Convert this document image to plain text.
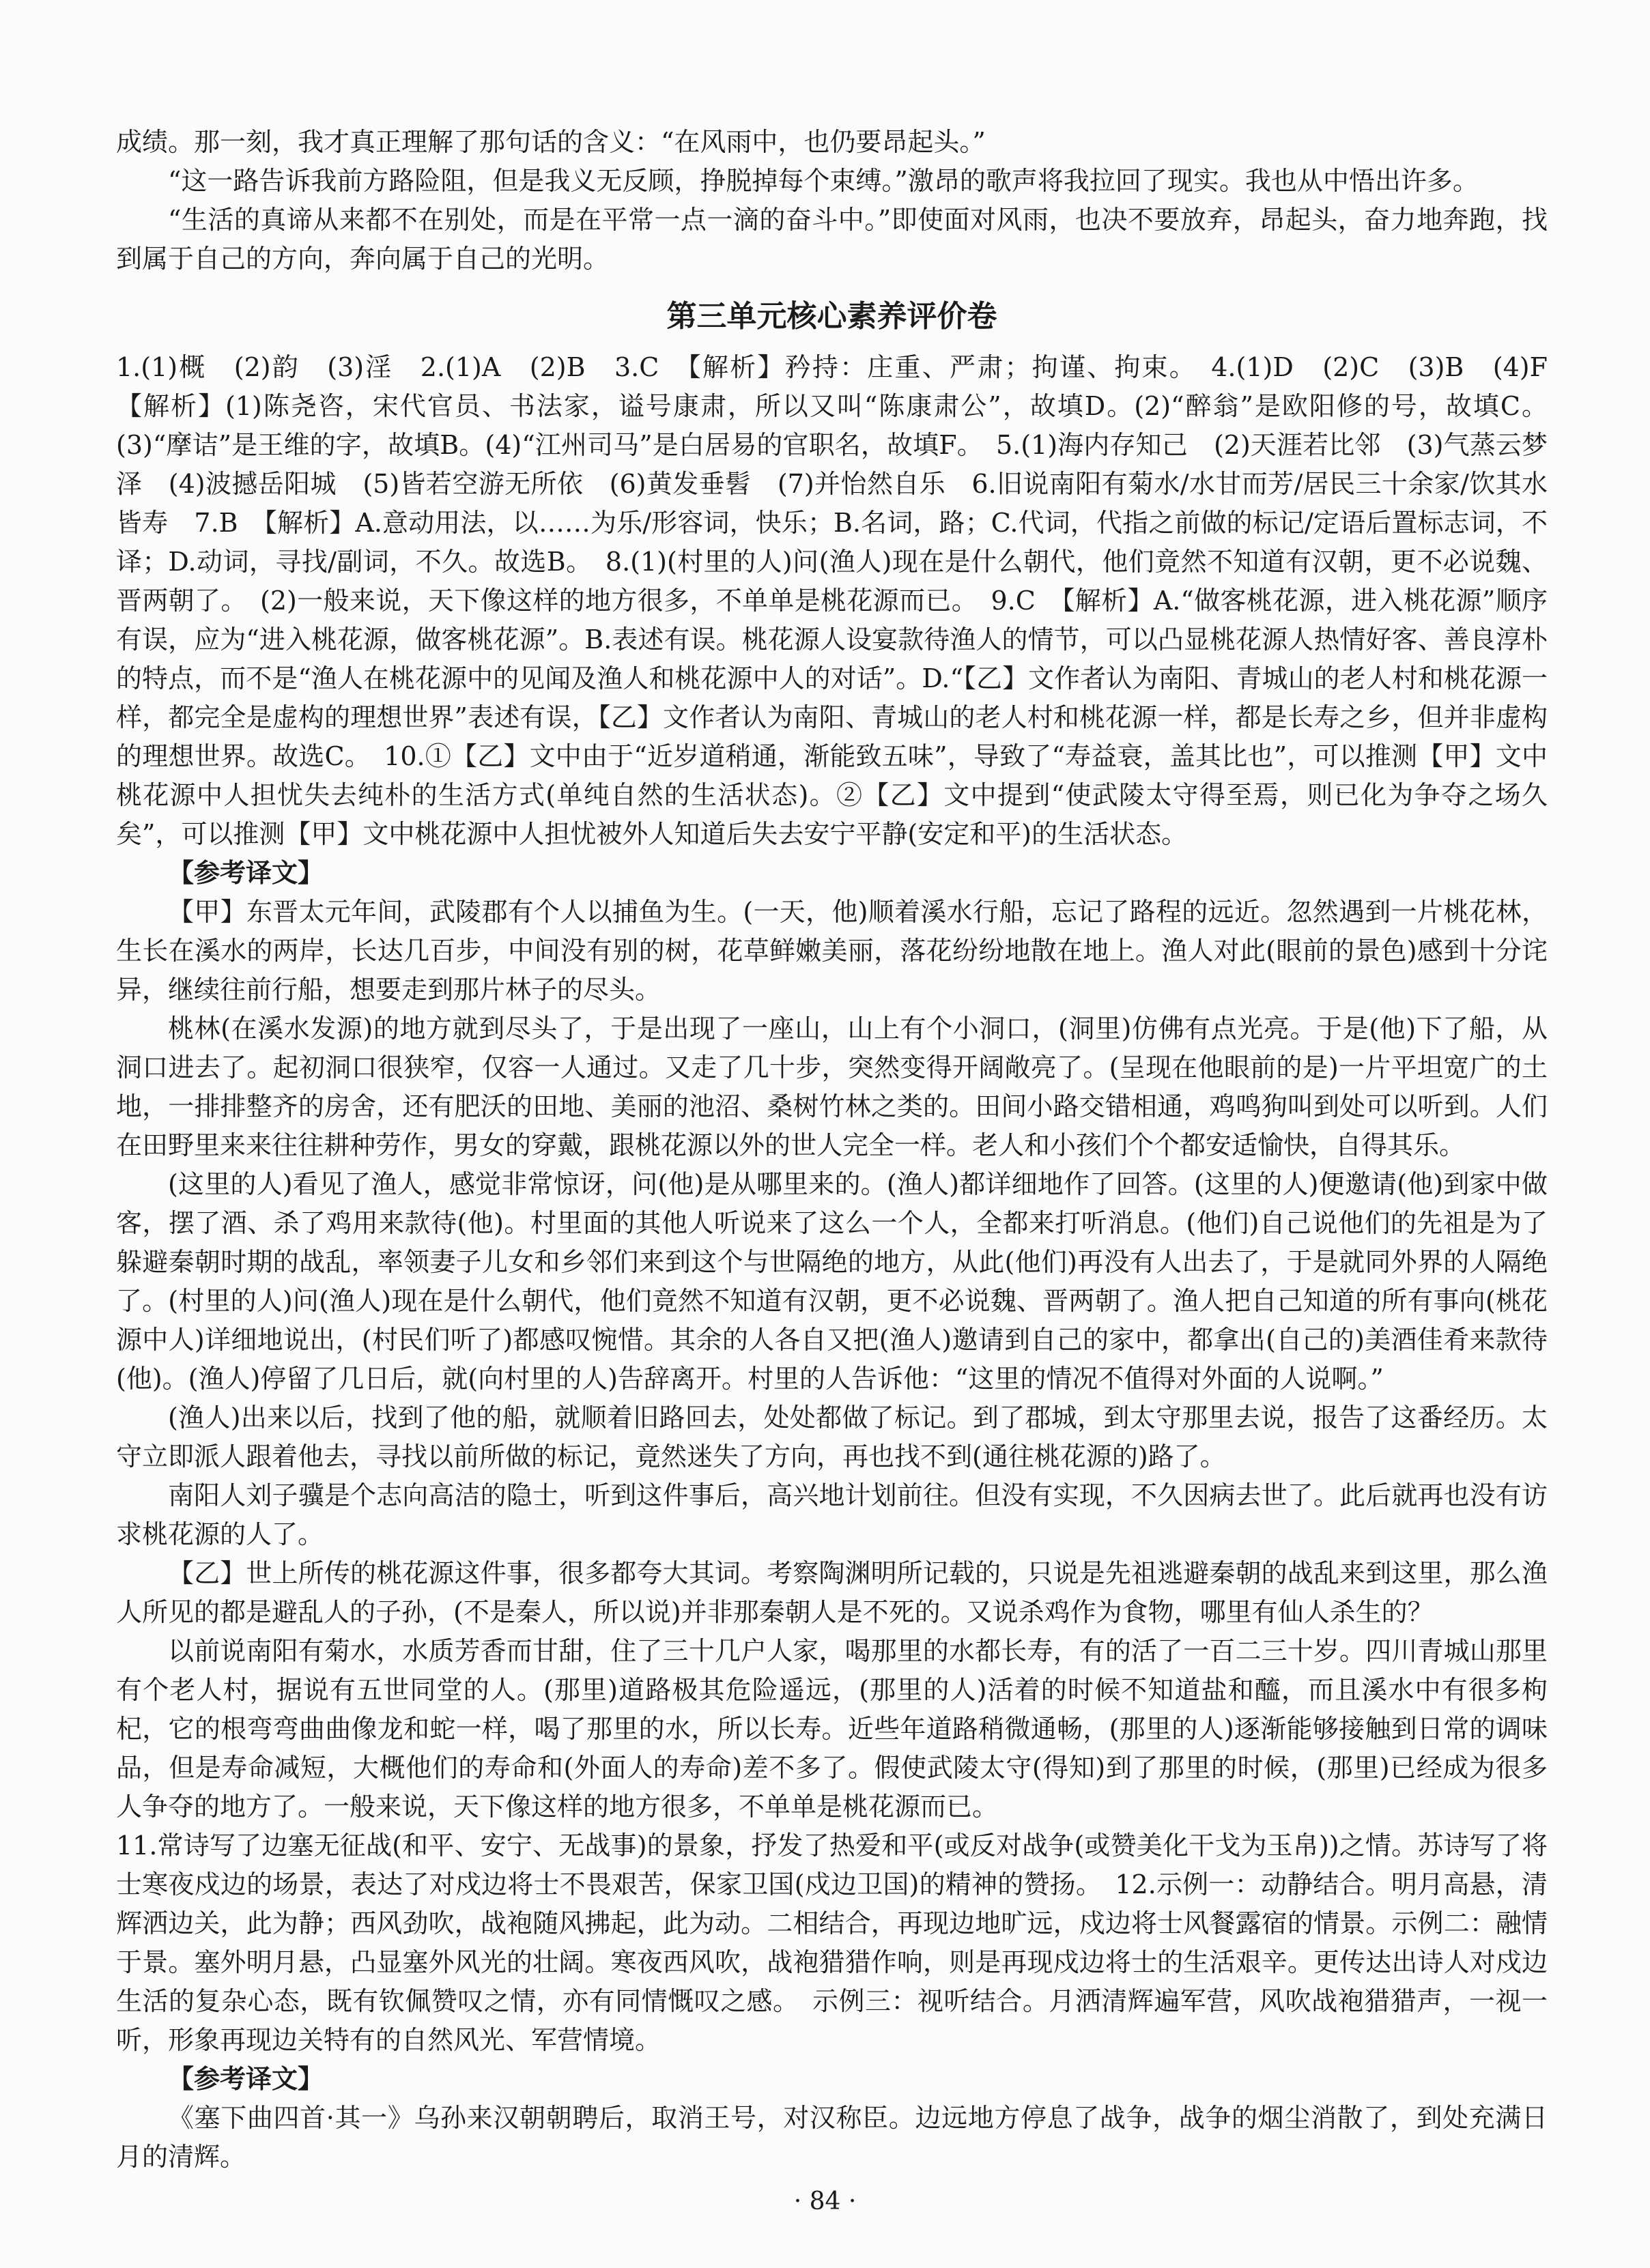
成绩。那一刻，我才真正理解了那句话的含义：“在风雨中，也仍要昂起头。”

“这一路告诉我前方路险阻，但是我义无反顾，挣脱掉每个束缚。”激昂的歌声将我拉回了现实。我也从中悟出许多。

“生活的真谛从来都不在别处，而是在平常一点一滴的奋斗中。”即使面对风雨，也决不要放弃，昂起头，奋力地奔跑，找到属于自己的方向，奔向属于自己的光明。

第三单元核心素养评价卷

1.(1)概　(2)韵　(3)淫　2.(1)A　(2)B　3.C　【解析】矜持：庄重、严肃；拘谨、拘束。　4.(1)D　(2)C　(3)B　(4)F　【解析】(1)陈尧咨，宋代官员、书法家，谥号康肃，所以又叫“陈康肃公”，故填D。(2)“醉翁”是欧阳修的号，故填C。(3)“摩诘”是王维的字，故填B。(4)“江州司马”是白居易的官职名，故填F。　5.(1)海内存知己　(2)天涯若比邻　(3)气蒸云梦泽　(4)波撼岳阳城　(5)皆若空游无所依　(6)黄发垂髫　(7)并怡然自乐　6.旧说南阳有菊水/水甘而芳/居民三十余家/饮其水皆寿　7.B　【解析】A.意动用法，以……为乐/形容词，快乐；B.名词，路；C.代词，代指之前做的标记/定语后置标志词，不译；D.动词，寻找/副词，不久。故选B。　8.(1)(村里的人)问(渔人)现在是什么朝代，他们竟然不知道有汉朝，更不必说魏、晋两朝了。　(2)一般来说，天下像这样的地方很多，不单单是桃花源而已。　9.C　【解析】A.“做客桃花源，进入桃花源”顺序有误，应为“进入桃花源，做客桃花源”。B.表述有误。桃花源人设宴款待渔人的情节，可以凸显桃花源人热情好客、善良淳朴的特点，而不是“渔人在桃花源中的见闻及渔人和桃花源中人的对话”。D.“【乙】文作者认为南阳、青城山的老人村和桃花源一样，都完全是虚构的理想世界”表述有误，【乙】文作者认为南阳、青城山的老人村和桃花源一样，都是长寿之乡，但并非虚构的理想世界。故选C。　10.①【乙】文中由于“近岁道稍通，渐能致五味”，导致了“寿益衰，盖其比也”，可以推测【甲】文中桃花源中人担忧失去纯朴的生活方式(单纯自然的生活状态)。②【乙】文中提到“使武陵太守得至焉，则已化为争夺之场久矣”，可以推测【甲】文中桃花源中人担忧被外人知道后失去安宁平静(安定和平)的生活状态。

【参考译文】

【甲】东晋太元年间，武陵郡有个人以捕鱼为生。(一天，他)顺着溪水行船，忘记了路程的远近。忽然遇到一片桃花林，生长在溪水的两岸，长达几百步，中间没有别的树，花草鲜嫩美丽，落花纷纷地散在地上。渔人对此(眼前的景色)感到十分诧异，继续往前行船，想要走到那片林子的尽头。

桃林(在溪水发源)的地方就到尽头了，于是出现了一座山，山上有个小洞口，(洞里)仿佛有点光亮。于是(他)下了船，从洞口进去了。起初洞口很狭窄，仅容一人通过。又走了几十步，突然变得开阔敞亮了。(呈现在他眼前的是)一片平坦宽广的土地，一排排整齐的房舍，还有肥沃的田地、美丽的池沼、桑树竹林之类的。田间小路交错相通，鸡鸣狗叫到处可以听到。人们在田野里来来往往耕种劳作，男女的穿戴，跟桃花源以外的世人完全一样。老人和小孩们个个都安适愉快，自得其乐。

(这里的人)看见了渔人，感觉非常惊讶，问(他)是从哪里来的。(渔人)都详细地作了回答。(这里的人)便邀请(他)到家中做客，摆了酒、杀了鸡用来款待(他)。村里面的其他人听说来了这么一个人，全都来打听消息。(他们)自己说他们的先祖是为了躲避秦朝时期的战乱，率领妻子儿女和乡邻们来到这个与世隔绝的地方，从此(他们)再没有人出去了，于是就同外界的人隔绝了。(村里的人)问(渔人)现在是什么朝代，他们竟然不知道有汉朝，更不必说魏、晋两朝了。渔人把自己知道的所有事向(桃花源中人)详细地说出，(村民们听了)都感叹惋惜。其余的人各自又把(渔人)邀请到自己的家中，都拿出(自己的)美酒佳肴来款待(他)。(渔人)停留了几日后，就(向村里的人)告辞离开。村里的人告诉他：“这里的情况不值得对外面的人说啊。”

(渔人)出来以后，找到了他的船，就顺着旧路回去，处处都做了标记。到了郡城，到太守那里去说，报告了这番经历。太守立即派人跟着他去，寻找以前所做的标记，竟然迷失了方向，再也找不到(通往桃花源的)路了。

南阳人刘子骥是个志向高洁的隐士，听到这件事后，高兴地计划前往。但没有实现，不久因病去世了。此后就再也没有访求桃花源的人了。

【乙】世上所传的桃花源这件事，很多都夸大其词。考察陶渊明所记载的，只说是先祖逃避秦朝的战乱来到这里，那么渔人所见的都是避乱人的子孙，(不是秦人，所以说)并非那秦朝人是不死的。又说杀鸡作为食物，哪里有仙人杀生的？

以前说南阳有菊水，水质芳香而甘甜，住了三十几户人家，喝那里的水都长寿，有的活了一百二三十岁。四川青城山那里有个老人村，据说有五世同堂的人。(那里)道路极其危险遥远，(那里的人)活着的时候不知道盐和醯，而且溪水中有很多枸杞，它的根弯弯曲曲像龙和蛇一样，喝了那里的水，所以长寿。近些年道路稍微通畅，(那里的人)逐渐能够接触到日常的调味品，但是寿命减短，大概他们的寿命和(外面人的寿命)差不多了。假使武陵太守(得知)到了那里的时候，(那里)已经成为很多人争夺的地方了。一般来说，天下像这样的地方很多，不单单是桃花源而已。

11.常诗写了边塞无征战(和平、安宁、无战事)的景象，抒发了热爱和平(或反对战争(或赞美化干戈为玉帛))之情。苏诗写了将士寒夜戍边的场景，表达了对戍边将士不畏艰苦，保家卫国(戍边卫国)的精神的赞扬。　12.示例一：动静结合。明月高悬，清辉洒边关，此为静；西风劲吹，战袍随风拂起，此为动。二相结合，再现边地旷远，戍边将士风餐露宿的情景。示例二：融情于景。塞外明月悬，凸显塞外风光的壮阔。寒夜西风吹，战袍猎猎作响，则是再现戍边将士的生活艰辛。更传达出诗人对戍边生活的复杂心态，既有钦佩赞叹之情，亦有同情慨叹之感。　示例三：视听结合。月洒清辉遍军营，风吹战袍猎猎声，一视一听，形象再现边关特有的自然风光、军营情境。

【参考译文】

《塞下曲四首·其一》乌孙来汉朝朝聘后，取消王号，对汉称臣。边远地方停息了战争，战争的烟尘消散了，到处充满日月的清辉。

· 84 ·
